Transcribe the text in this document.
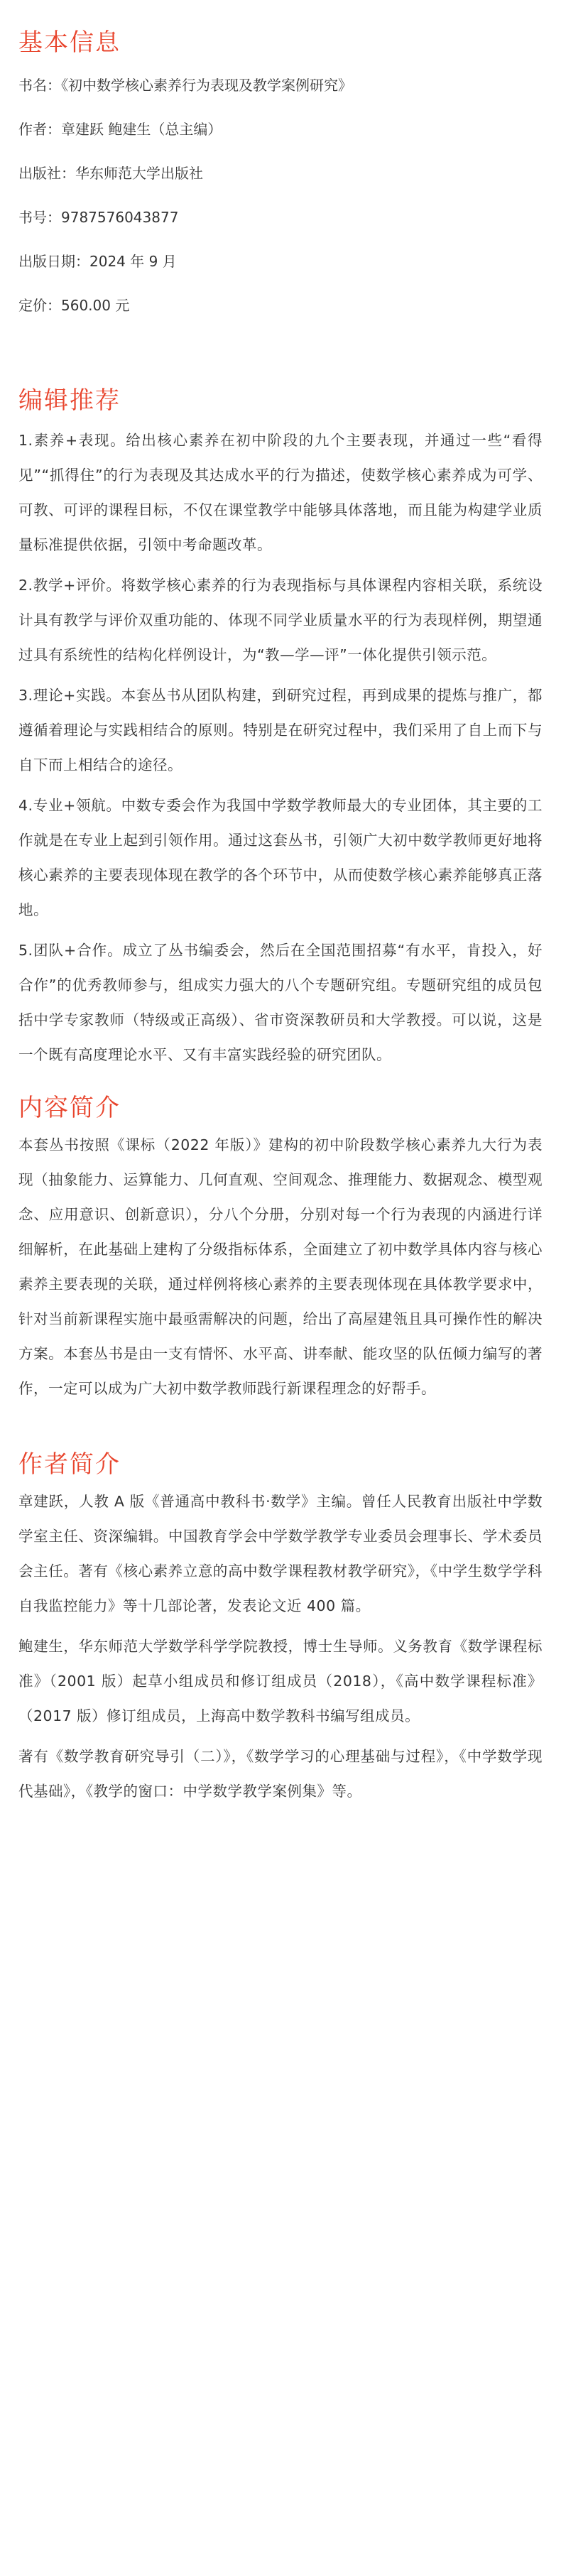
基本信息

书名：《初中数学核心素养行为表现及教学案例研究》

作者：章建跃 鲍建生（总主编）

出版社：华东师范大学出版社

书号：9787576043877

出版日期：2024 年 9 月

定价：560.00 元

编辑推荐

1.素养+表现。给出核心素养在初中阶段的九个主要表现，并通过一些“看得见”“抓得住”的行为表现及其达成水平的行为描述，使数学核心素养成为可学、可教、可评的课程目标，不仅在课堂教学中能够具体落地，而且能为构建学业质量标准提供依据，引领中考命题改革。

2.教学+评价。将数学核心素养的行为表现指标与具体课程内容相关联，系统设计具有教学与评价双重功能的、体现不同学业质量水平的行为表现样例，期望通过具有系统性的结构化样例设计，为“教—学—评”一体化提供引领示范。

3.理论+实践。本套丛书从团队构建，到研究过程，再到成果的提炼与推广，都遵循着理论与实践相结合的原则。特别是在研究过程中，我们采用了自上而下与自下而上相结合的途径。

4.专业+领航。中数专委会作为我国中学数学教师最大的专业团体，其主要的工作就是在专业上起到引领作用。通过这套丛书，引领广大初中数学教师更好地将核心素养的主要表现体现在教学的各个环节中，从而使数学核心素养能够真正落地。

5.团队+合作。成立了丛书编委会，然后在全国范围招募“有水平，肯投入，好合作”的优秀教师参与，组成实力强大的八个专题研究组。专题研究组的成员包括中学专家教师（特级或正高级）、省市资深教研员和大学教授。可以说，这是一个既有高度理论水平、又有丰富实践经验的研究团队。

内容简介

本套丛书按照《课标（2022 年版）》建构的初中阶段数学核心素养九大行为表现（抽象能力、运算能力、几何直观、空间观念、推理能力、数据观念、模型观念、应用意识、创新意识），分八个分册，分别对每一个行为表现的内涵进行详细解析，在此基础上建构了分级指标体系，全面建立了初中数学具体内容与核心素养主要表现的关联，通过样例将核心素养的主要表现体现在具体教学要求中，针对当前新课程实施中最亟需解决的问题，给出了高屋建瓴且具可操作性的解决方案。本套丛书是由一支有情怀、水平高、讲奉献、能攻坚的队伍倾力编写的著作，一定可以成为广大初中数学教师践行新课程理念的好帮手。

作者简介

章建跃，人教 A 版《普通高中教科书·数学》主编。曾任人民教育出版社中学数学室主任、资深编辑。中国教育学会中学数学教学专业委员会理事长、学术委员会主任。著有《核心素养立意的高中数学课程教材教学研究》，《中学生数学学科自我监控能力》等十几部论著，发表论文近 400 篇。

鲍建生，华东师范大学数学科学学院教授，博士生导师。义务教育《数学课程标准》（2001 版）起草小组成员和修订组成员（2018），《高中数学课程标准》（2017 版）修订组成员，上海高中数学教科书编写组成员。

著有《数学教育研究导引（二）》，《数学学习的心理基础与过程》，《中学数学现代基础》，《教学的窗口：中学数学教学案例集》等。
